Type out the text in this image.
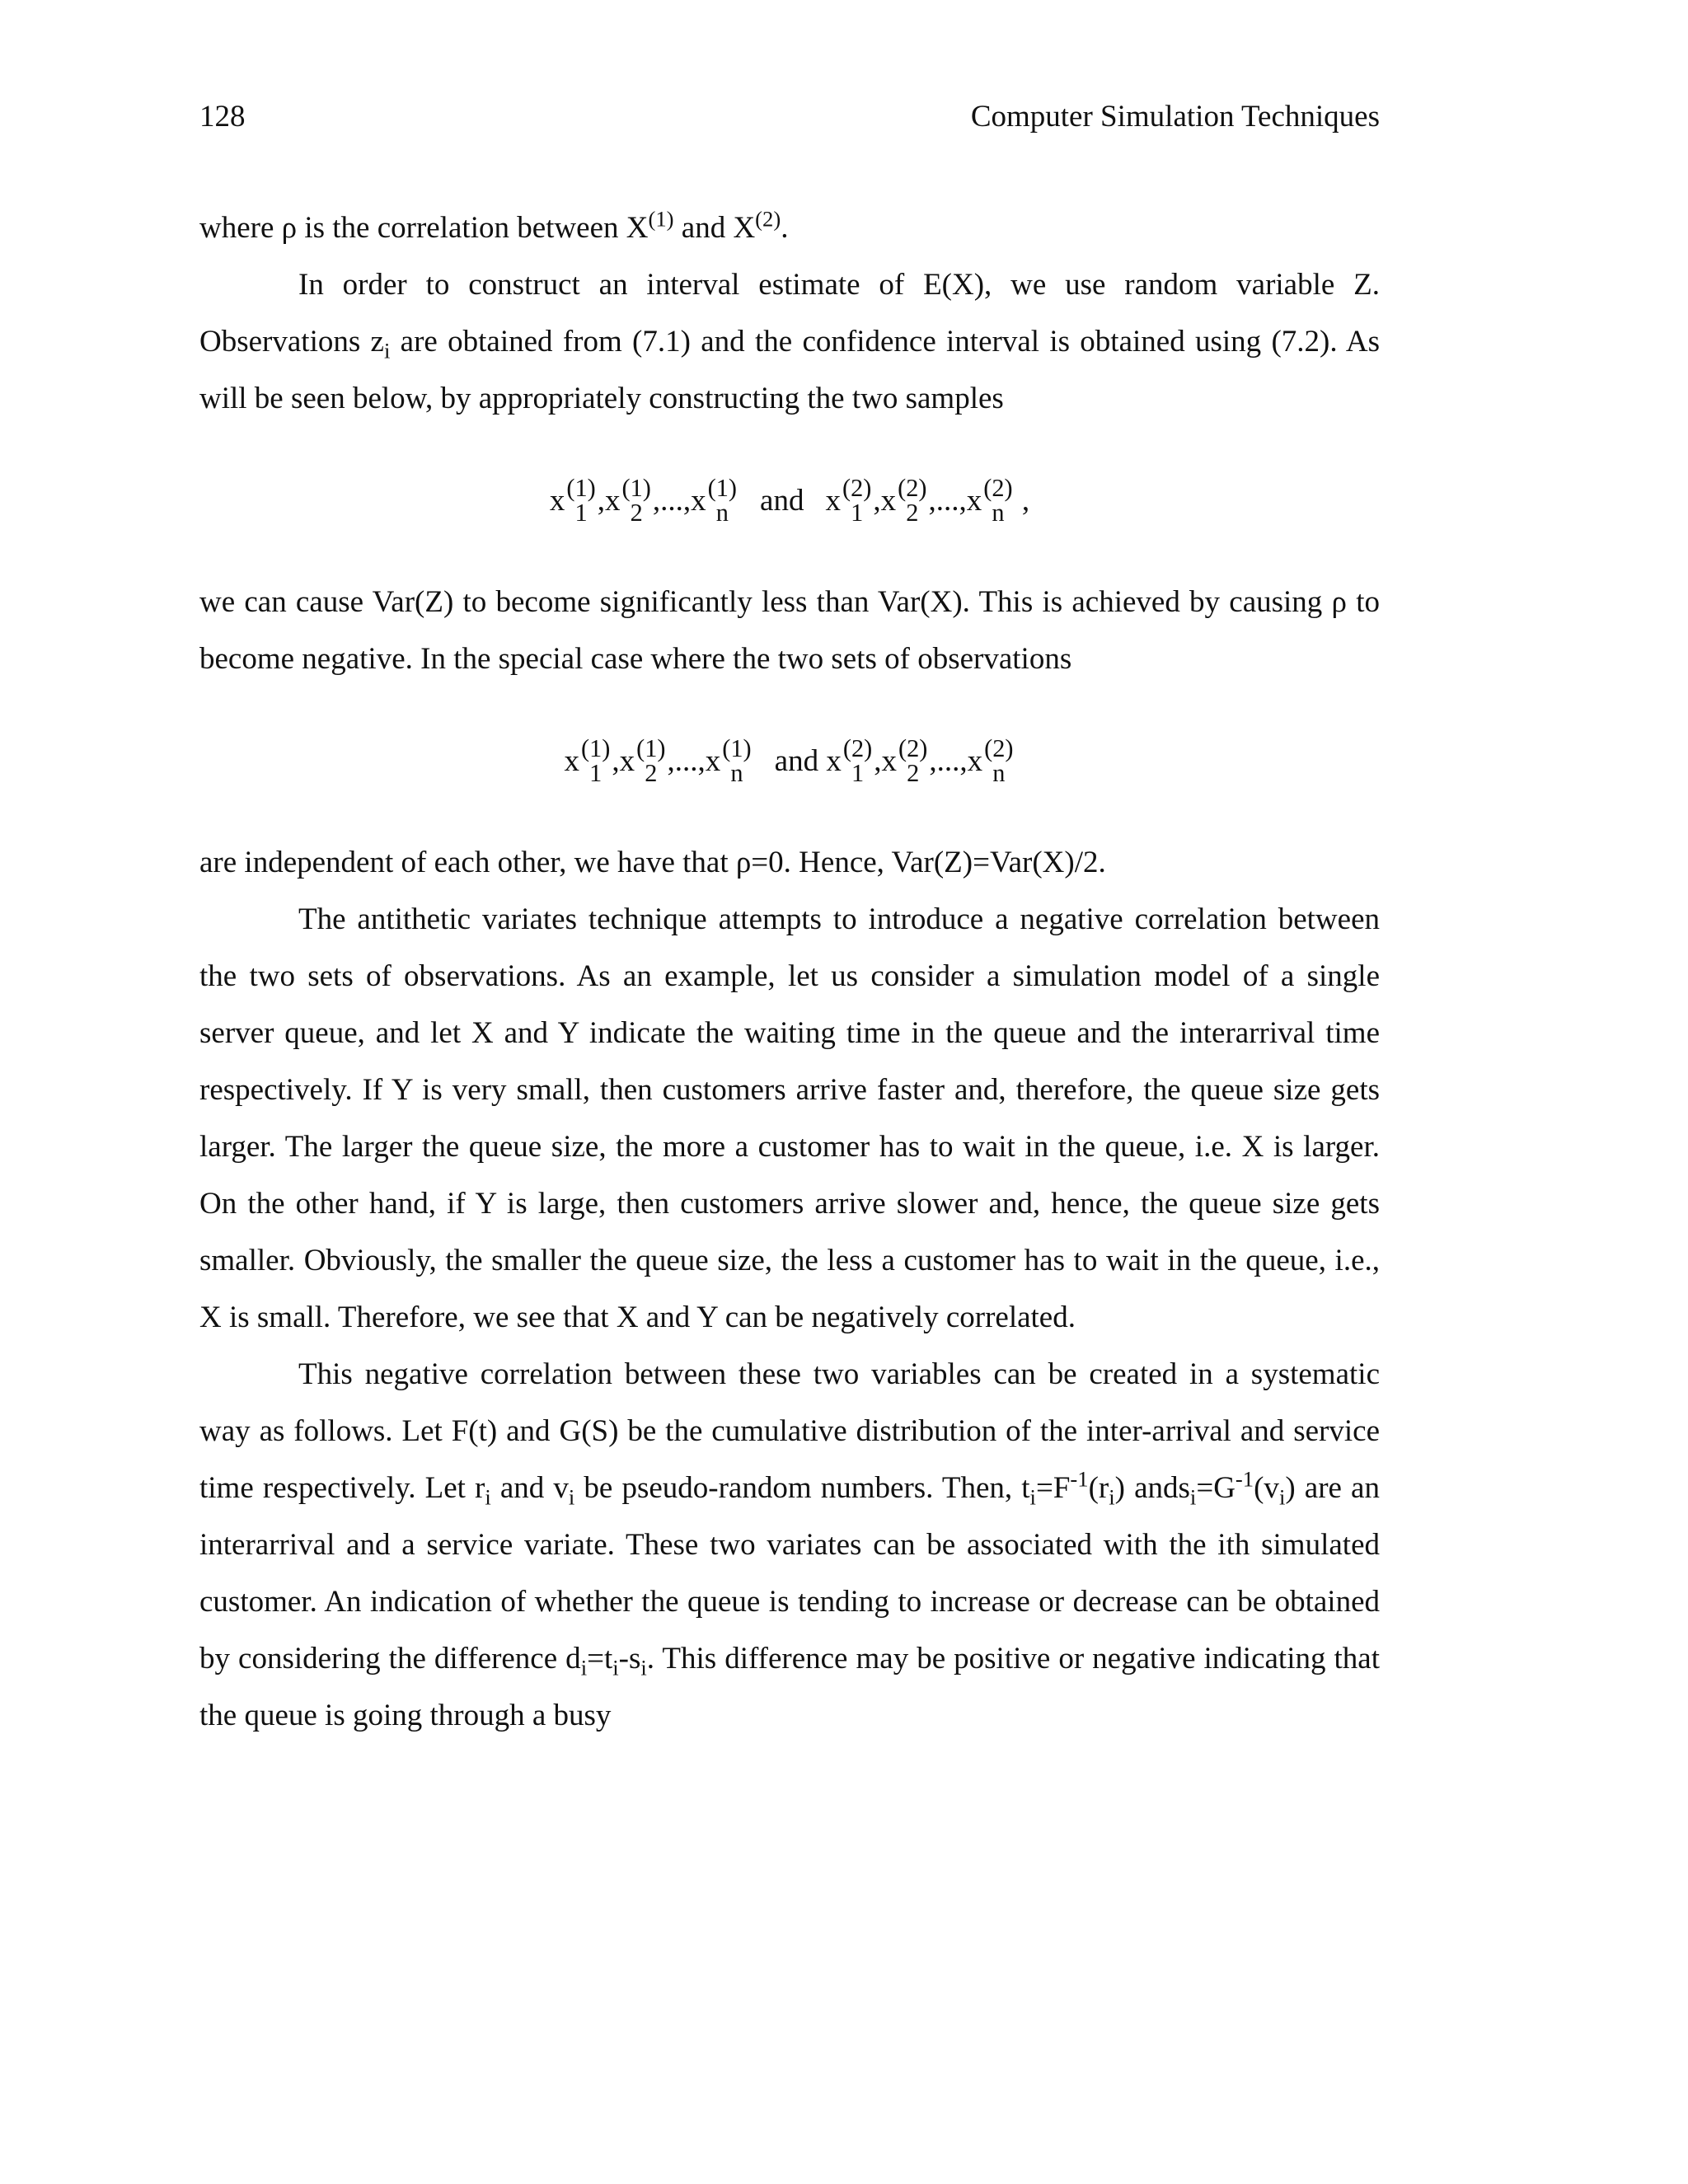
128	Computer Simulation Techniques

where ρ is the correlation between $X^{(1)}$ and $X^{(2)}$.

In order to construct an interval estimate of E(X), we use random variable Z. Observations $z_i$ are obtained from (7.1) and the confidence interval is obtained using (7.2). As will be seen below, by appropriately constructing the two samples

x (1)
1 , x (1)
2 , ..., x (1)
n and x (2)
1 , x (2)
2 , ..., x (2)
n
,

we can cause Var(Z) to become significantly less than Var(X). This is achieved by causing ρ to become negative. In the special case where the two sets of observations

x (1)
1 , x (1)
2 , ..., x (1)
n and
x (2)
1 , x (2)
2 , ..., x (2)
n

are independent of each other, we have that ρ=0. Hence, Var(Z)=Var(X)/2.

The antithetic variates technique attempts to introduce a negative correlation between the two sets of observations. As an example, let us consider a simulation model of a single server queue, and let X and Y indicate the waiting time in the queue and the interarrival time respectively. If Y is very small, then customers arrive faster and, therefore, the queue size gets larger. The larger the queue size, the more a customer has to wait in the queue, i.e. X is larger. On the other hand, if Y is large, then customers arrive slower and, hence, the queue size gets smaller. Obviously, the smaller the queue size, the less a customer has to wait in the queue, i.e., X is small. Therefore, we see that X and Y can be negatively correlated.

This negative correlation between these two variables can be created in a systematic way as follows. Let F(t) and G(S) be the cumulative distribution of the inter-arrival and service time respectively. Let $r_i$ and $v_i$ be pseudo-random numbers. Then, $t_i=F^{-1}(r_i)$ $ands_i=G^{-1}(v_i)$ are an interarrival and a service variate. These two variates can be associated with the ith simulated customer. An indication of whether the queue is tending to increase or decrease can be obtained by considering the difference $d_i=t_i-s_i$. This difference may be positive or negative indicating that the queue is going through a busy
